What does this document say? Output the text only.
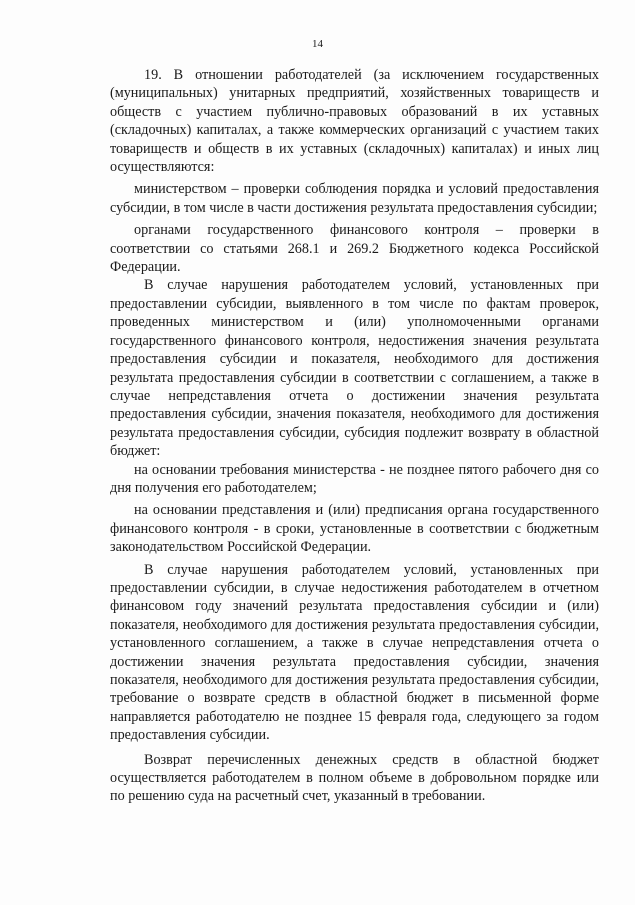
14

19. В отношении работодателей (за исключением государственных (муниципальных) унитарных предприятий, хозяйственных товариществ и обществ с участием публично-правовых образований в их уставных (складочных) капиталах, а также коммерческих организаций с участием таких товариществ и обществ в их уставных (складочных) капиталах) и иных лиц осуществляются:

министерством – проверки соблюдения порядка и условий предоставления субсидии, в том числе в части достижения результата предоставления субсидии;

органами государственного финансового контроля – проверки в соответствии со статьями 268.1 и 269.2 Бюджетного кодекса Российской Федерации.

В случае нарушения работодателем условий, установленных при предоставлении субсидии, выявленного в том числе по фактам проверок, проведенных министерством и (или) уполномоченными органами государственного финансового контроля, недостижения значения результата предоставления субсидии и показателя, необходимого для достижения результата предоставления субсидии в соответствии с соглашением, а также в случае непредставления отчета о достижении значения результата предоставления субсидии, значения показателя, необходимого для достижения результата предоставления субсидии, субсидия подлежит возврату в областной бюджет:

на основании требования министерства - не позднее пятого рабочего дня со дня получения его работодателем;

на основании представления и (или) предписания органа государственного финансового контроля - в сроки, установленные в соответствии с бюджетным законодательством Российской Федерации.

В случае нарушения работодателем условий, установленных при предоставлении субсидии, в случае недостижения работодателем в отчетном финансовом году значений результата предоставления субсидии и (или) показателя, необходимого для достижения результата предоставления субсидии, установленного соглашением, а также в случае непредставления отчета о достижении значения результата предоставления субсидии, значения показателя, необходимого для достижения результата предоставления субсидии, требование о возврате средств в областной бюджет в письменной форме направляется работодателю не позднее 15 февраля года, следующего за годом предоставления субсидии.

Возврат перечисленных денежных средств в областной бюджет осуществляется работодателем в полном объеме в добровольном порядке или по решению суда на расчетный счет, указанный в требовании.
